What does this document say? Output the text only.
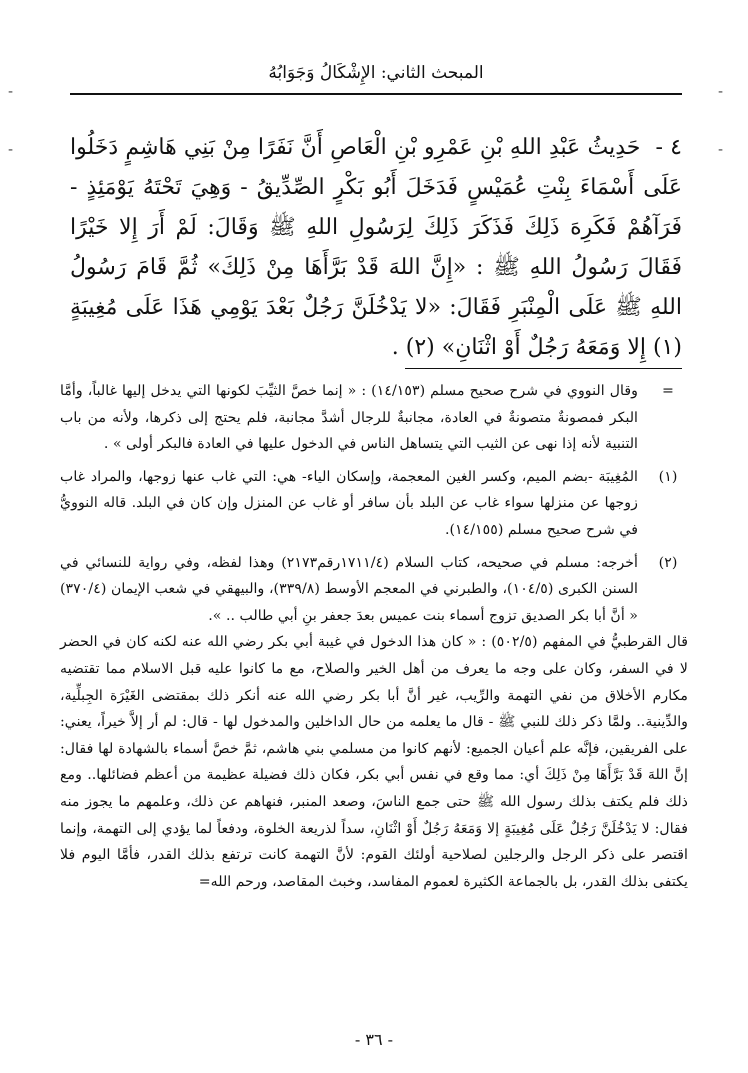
-
-
-
-
المبحث الثاني: الإِشْكَالُ وَجَوَابُهُ
٤ - حَدِيثُ عَبْدِ اللهِ بْنِ عَمْرِو بْنِ الْعَاصِ أَنَّ نَفَرًا مِنْ بَنِي هَاشِمٍ دَخَلُوا عَلَى أَسْمَاءَ بِنْتِ عُمَيْسٍ فَدَخَلَ أَبُو بَكْرٍ الصِّدِّيقُ - وَهِيَ تَحْتَهُ يَوْمَئِذٍ - فَرَآهُمْ فَكَرِهَ ذَلِكَ فَذَكَرَ ذَلِكَ لِرَسُولِ اللهِ ﷺ وَقَالَ: لَمْ أَرَ إِلا خَيْرًا فَقَالَ رَسُولُ اللهِ ﷺ : «إِنَّ اللهَ قَدْ بَرَّأَهَا مِنْ ذَلِكَ» ثُمَّ قَامَ رَسُولُ اللهِ ﷺ عَلَى الْمِنْبَرِ فَقَالَ: «لا يَدْخُلَنَّ رَجُلٌ بَعْدَ يَوْمِي هَذَا عَلَى مُغِيبَةٍ (١) إِلا وَمَعَهُ رَجُلٌ أَوْ اثْنَانِ» (٢) .

=
وقال النووي في شرح صحيح مسلم (١٤/١٥٣) : « إنما خصَّ الثيِّبَ لكونها التي يدخل إليها غالباً، وأمَّا البكر فمصونةٌ متصونةٌ في العادة، مجانبةٌ للرجال أشدَّ مجانبة، فلم يحتج إلى ذكرها، ولأنه من باب التنبية لأنه إذا نهى عن الثيب التي يتساهل الناس في الدخول عليها في العادة فالبكر أولى » .

(١)
المُغِيبَة -بضم الميم، وكسر الغين المعجمة، وإسكان الياء- هي: التي غاب عنها زوجها، والمراد غاب زوجها عن منزلها سواء غاب عن البلد بأن سافر أو غاب عن المنزل وإن كان في البلد. قاله النوويُّ في شرح صحيح مسلم (١٤/١٥٥).

(٢)
أخرجه: مسلم في صحيحه، كتاب السلام (١٧١١/٤رقم٢١٧٣) وهذا لفظه، وفي رواية للنسائي في السنن الكبرى (١٠٤/٥)، والطبرني في المعجم الأوسط (٣٣٩/٨)، والبيهقي في شعب الإيمان (٣٧٠/٤) « أنَّ أبا بكر الصديق تزوج أسماء بنت عميس بعدَ جعفر بنِ أبي طالب .. ».

قال القرطبيُّ في المفهم (٥٠٢/٥) : « كان هذا الدخول في غيبة أبي بكر رضي الله عنه لكنه كان في الحضر لا في السفر، وكان على وجه ما يعرف من أهل الخير والصلاح، مع ما كانوا عليه قبل الاسلام مما تقتضيه مكارم الأخلاق من نفي التهمة والرِّيب، غير أنَّ أبا بكر رضي الله عنه أنكر ذلك بمقتضى الغَيْرَة الجِبلِّية، والدِّينية.. ولمَّا ذكر ذلك للنبي ﷺ - قال ما يعلمه من حال الداخلين والمدخول لها - قال: لم أر إلاَّ خيراً، يعني: على الفريقين، فإنَّه علم أعيان الجميع: لأنهم كانوا من مسلمي بني هاشم، ثمَّ خصَّ أسماء بالشهادة لها فقال: إنَّ اللهَ قَدْ بَرَّأَهَا مِنْ ذَلِكَ أي: مما وقع في نفس أبي بكر، فكان ذلك فضيلة عظيمة من أعظم فضائلها.. ومع ذلك فلم يكتف بذلك رسول الله ﷺ حتى جمع الناسَ، وصعد المنبر، فنهاهم عن ذلك، وعلمهم ما يجوز منه فقال: لا يَدْخُلَنَّ رَجُلٌ عَلَى مُغِيبَةٍ إلا وَمَعَهُ رَجُلٌ أَوْ اثْنَانِ، سداً لذريعة الخلوة، ودفعاً لما يؤدي إلى التهمة، وإنما اقتصر على ذكر الرجل والرجلين لصلاحية أولئك القوم: لأنَّ التهمة كانت ترتفع بذلك القدر، فأمَّا اليوم فلا يكتفى بذلك القدر، بل بالجماعة الكثيرة لعموم المفاسد، وخبث المقاصد، ورحم الله=

- ٣٦ -
